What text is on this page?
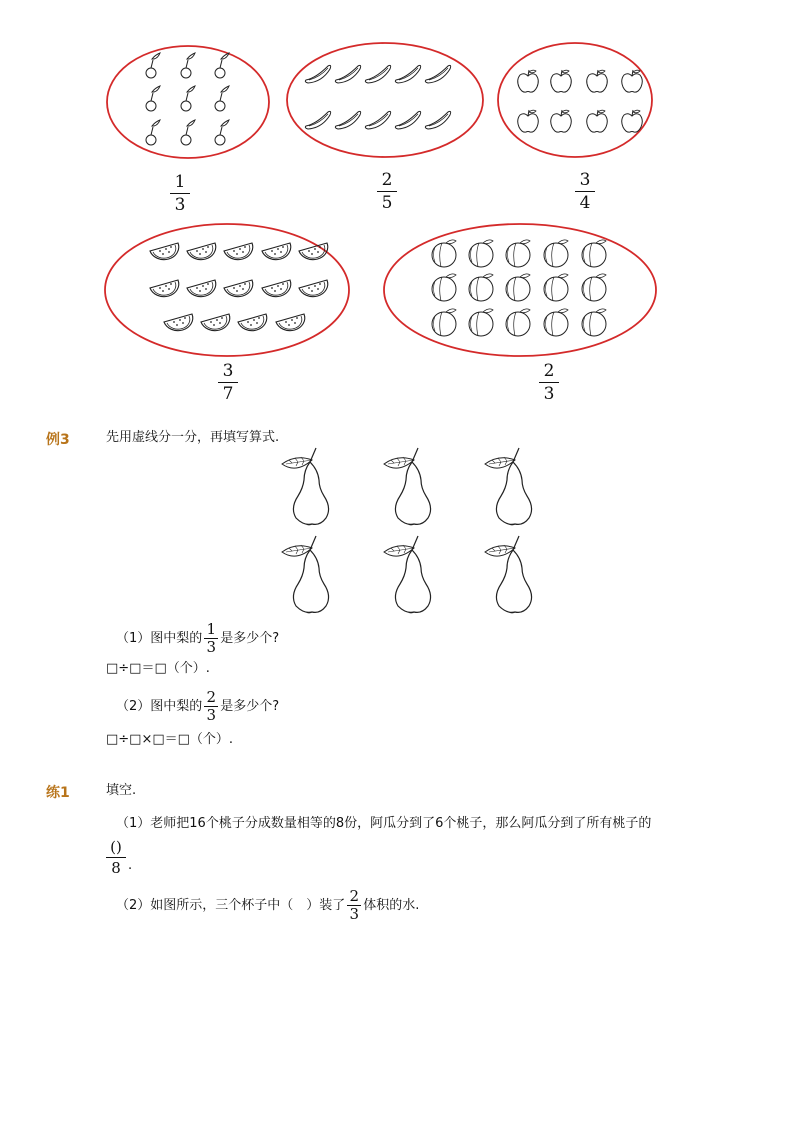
1
3
2
5
3
4
3
7
2
3
例3	先用虚线分一分，再填写算式.
（1）图中梨的 $\frac{1}{3}$ 是多少个?
□÷□＝□（个）.
（2）图中梨的 $\frac{2}{3}$ 是多少个?
□÷□×□＝□（个）.
练1	填空.
（1）老师把16个桃子分成数量相等的8份，阿瓜分到了6个桃子，那么阿瓜分到了所有桃子的
()
8 .
（2）如图所示，三个杯子中（　）装了 $\frac{2}{3}$ 体积的水.
